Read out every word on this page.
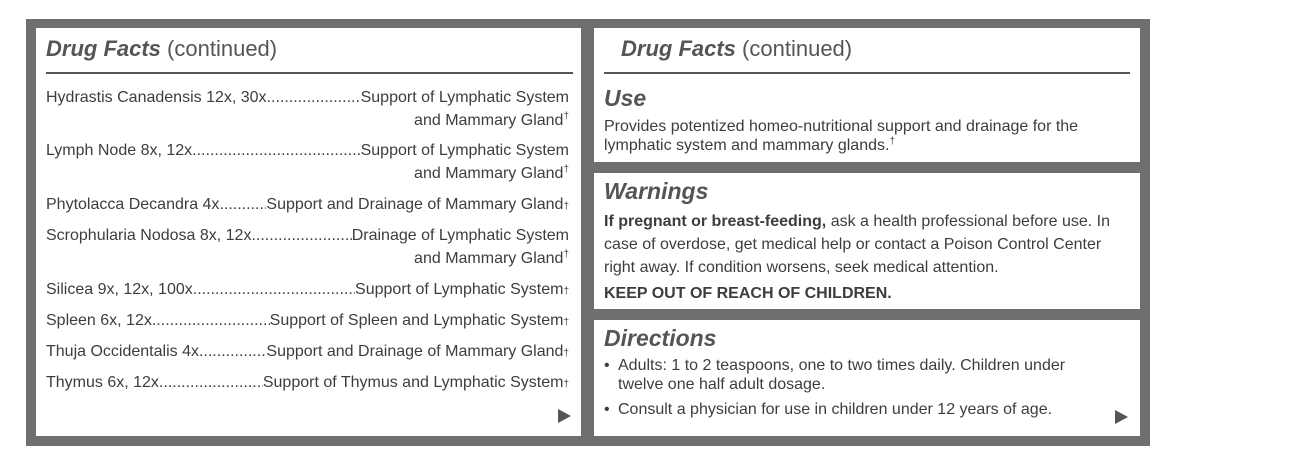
Drug Facts (continued)
Hydrastis Canadensis 12x, 30x. .....	Support of Lymphatic System
and Mammary Gland†
Lymph Node 8x, 12x. .....	Support of Lymphatic System
and Mammary Gland†
Phytolacca Decandra 4x .....	Support and Drainage of Mammary Gland †
Scrophularia Nodosa 8x, 12x. .....	Drainage of Lymphatic System
and Mammary Gland†
Silicea 9x, 12x, 100x .....	Support of Lymphatic System †
Spleen 6x, 12x. .....	Support of Spleen and Lymphatic System †
Thuja Occidentalis 4x. .....	Support and Drainage of Mammary Gland †
Thymus 6x, 12x. .....	Support of Thymus and Lymphatic System †
Drug Facts (continued)
Use
Provides potentized homeo-nutritional support and drainage for the lymphatic system and mammary glands.†
Warnings
If pregnant or breast-feeding, ask a health professional before use. In case of overdose, get medical help or contact a Poison Control Center right away. If condition worsens, seek medical attention.
KEEP OUT OF REACH OF CHILDREN.
Directions
• Adults: 1 to 2 teaspoons, one to two times daily. Children under twelve one half adult dosage.
• Consult a physician for use in children under 12 years of age.
